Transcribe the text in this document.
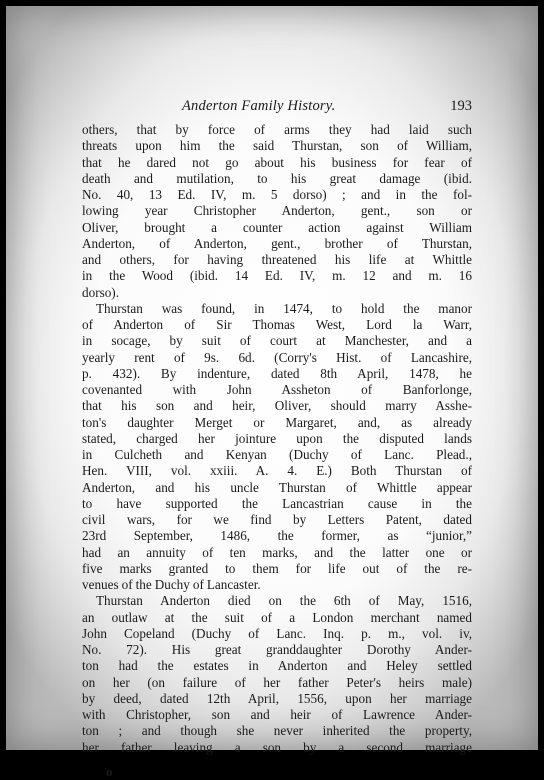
Anderton Family History.	193
others, that by force of arms they had laid such
threats upon him the said Thurstan, son of William,
that he dared not go about his business for fear of
death and mutilation, to his great damage (ibid.
No. 40, 13 Ed. IV, m. 5 dorso) ; and in the fol-
lowing year Christopher Anderton, gent., son or
Oliver, brought a counter action against William
Anderton, of Anderton, gent., brother of Thurstan,
and others, for having threatened his life at Whittle
in the Wood (ibid. 14 Ed. IV, m. 12 and m. 16
dorso).
Thurstan was found, in 1474, to hold the manor
of Anderton of Sir Thomas West, Lord la Warr,
in socage, by suit of court at Manchester, and a
yearly rent of 9s. 6d. (Corry's Hist. of Lancashire,
p. 432). By indenture, dated 8th April, 1478, he
covenanted with John Assheton of Banforlonge,
that his son and heir, Oliver, should marry Asshe-
ton's daughter Merget or Margaret, and, as already
stated, charged her jointure upon the disputed lands
in Culcheth and Kenyan (Duchy of Lanc. Plead.,
Hen. VIII, vol. xxiii. A. 4. E.) Both Thurstan of
Anderton, and his uncle Thurstan of Whittle appear
to have supported the Lancastrian cause in the
civil wars, for we find by Letters Patent, dated
23rd September, 1486, the former, as “junior,”
had an annuity of ten marks, and the latter one or
five marks granted to them for life out of the re-
venues of the Duchy of Lancaster.
Thurstan Anderton died on the 6th of May, 1516,
an outlaw at the suit of a London merchant named
John Copeland (Duchy of Lanc. Inq. p. m., vol. iv,
No. 72). His great granddaughter Dorothy Ander-
ton had the estates in Anderton and Heley settled
on her (on failure of her father Peter's heirs male)
by deed, dated 12th April, 1556, upon her marriage
with Christopher, son and heir of Lawrence Ander-
ton ; and though she never inherited the property,
her father leaving a son by a second marriage
o
